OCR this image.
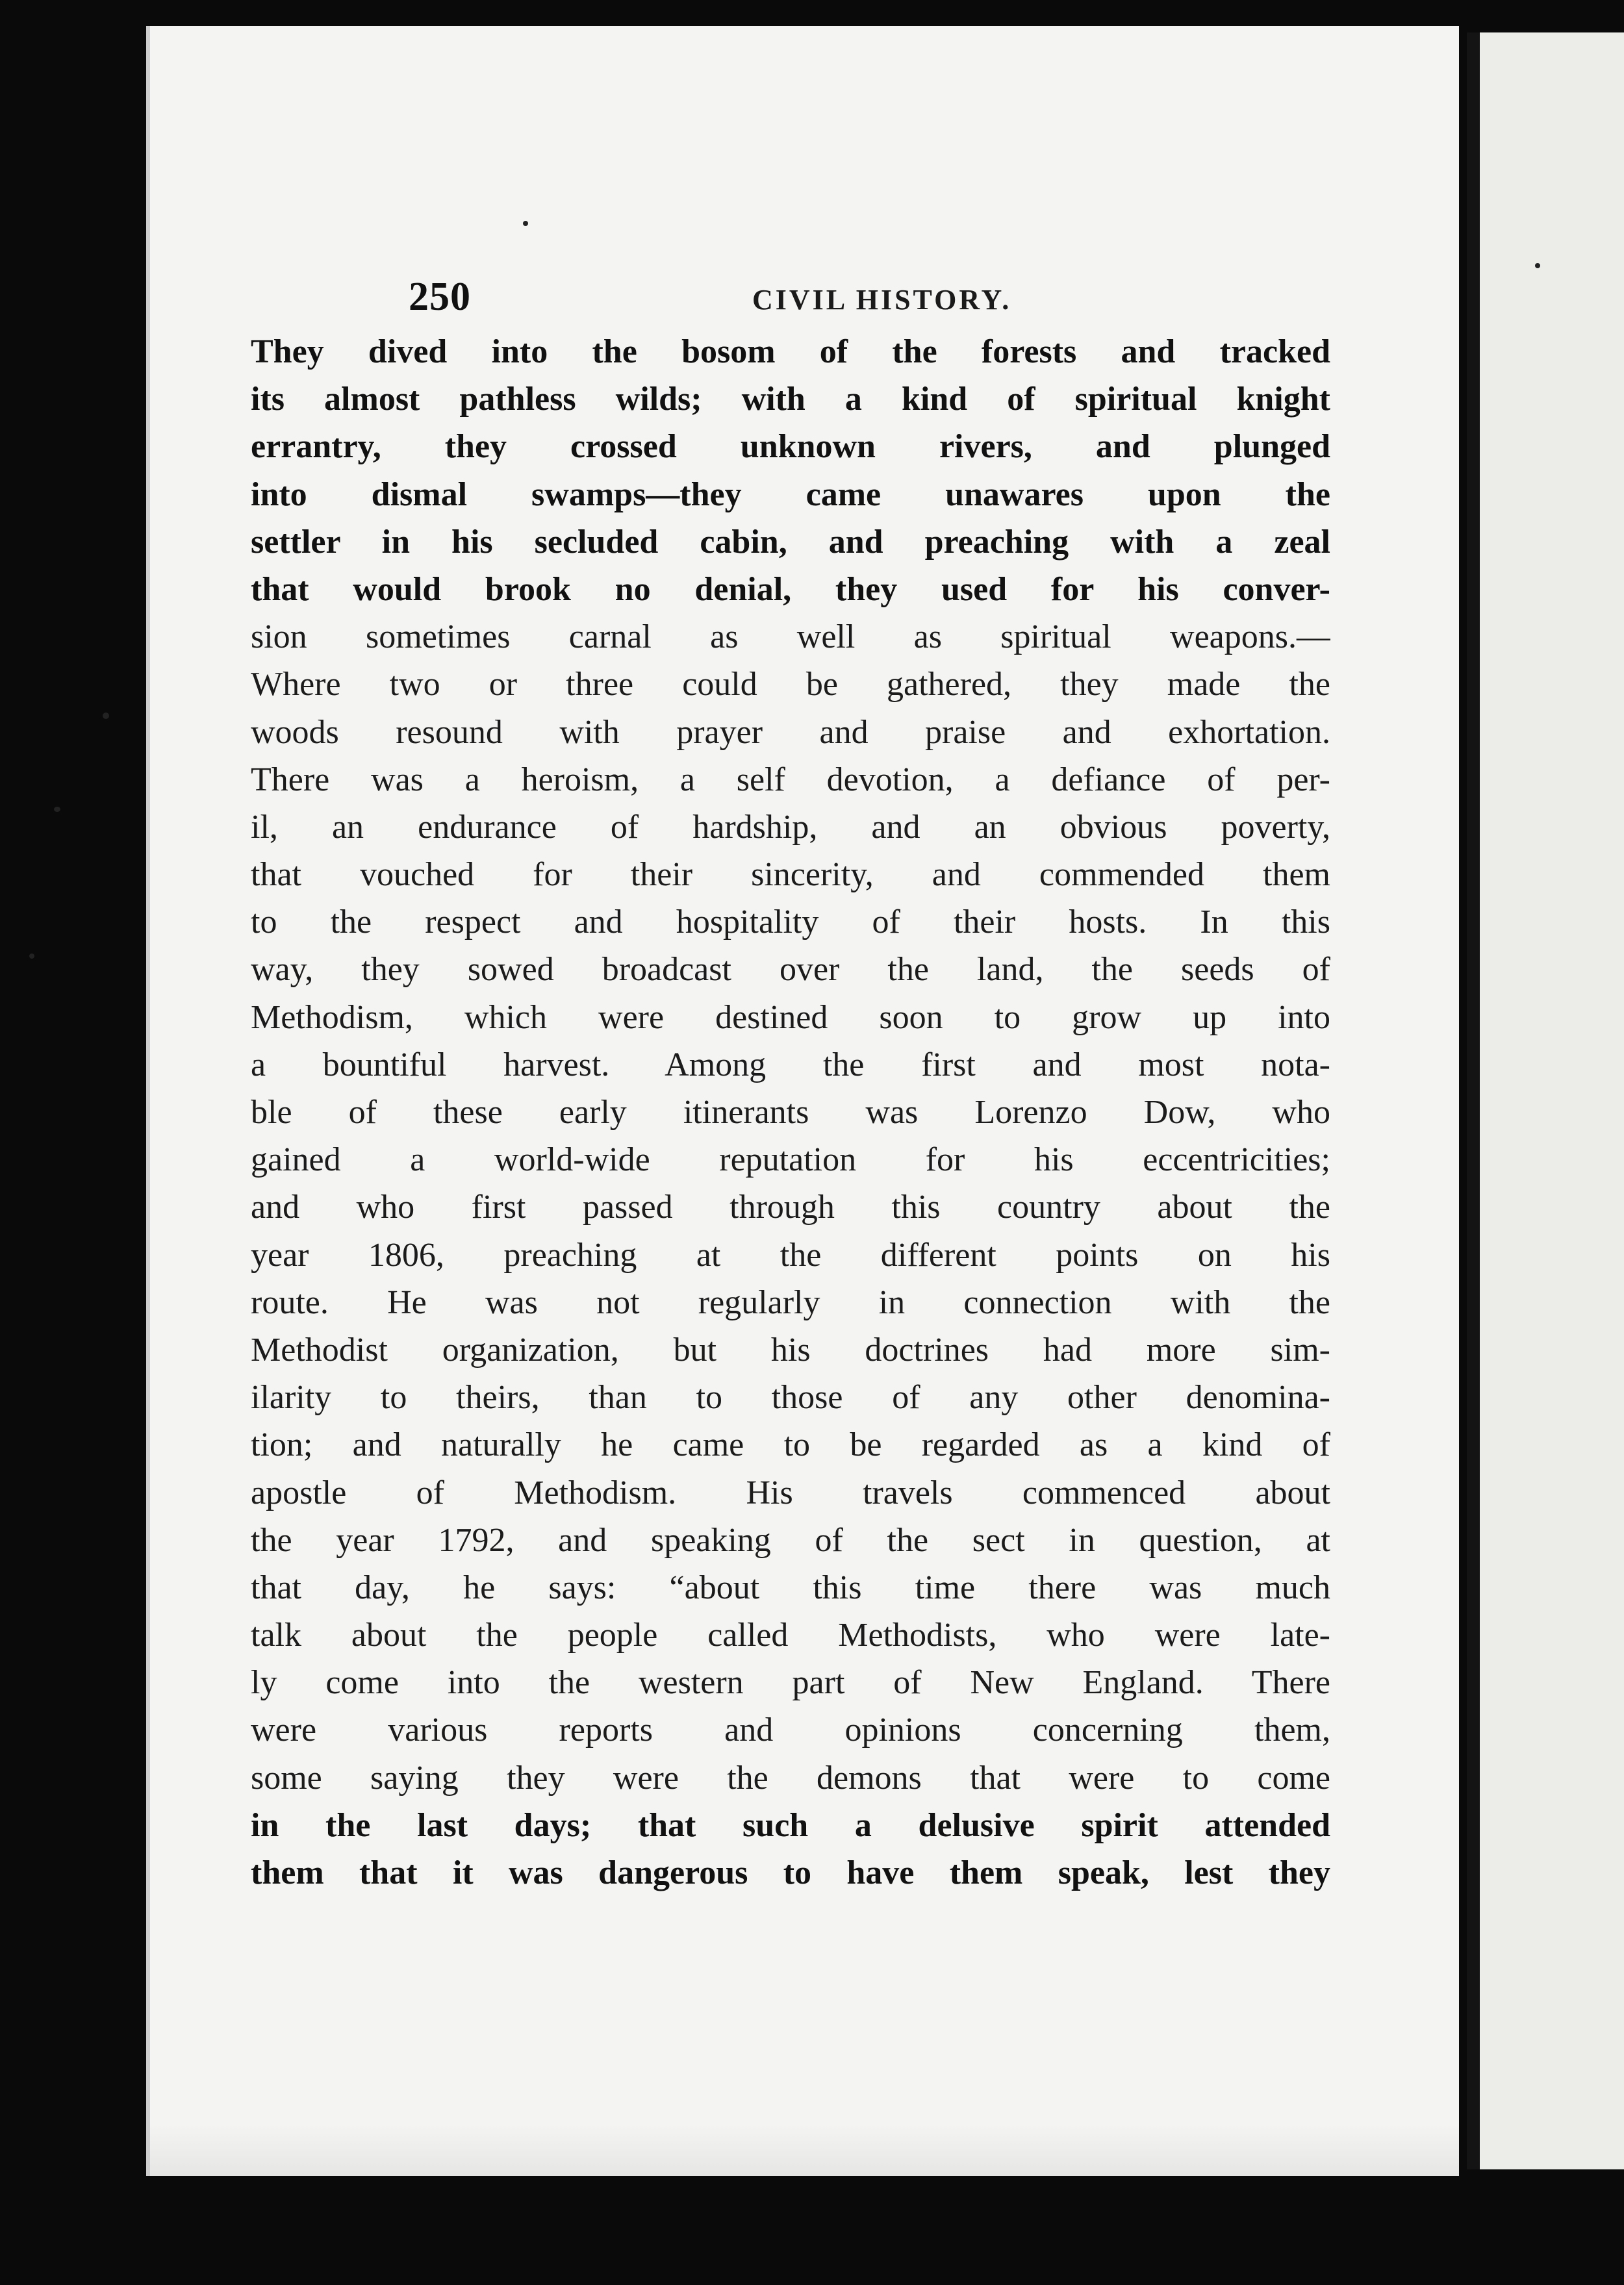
250	CIVIL HISTORY.
They dived into the bosom of the forests and tracked
its almost pathless wilds; with a kind of spiritual knight
errantry, they crossed unknown rivers, and plunged
into dismal swamps—they came unawares upon the
settler in his secluded cabin, and preaching with a zeal
that would brook no denial, they used for his conver-
sion sometimes carnal as well as spiritual weapons.—
Where two or three could be gathered, they made the
woods resound with prayer and praise and exhortation.
There was a heroism, a self devotion, a defiance of per-
il, an endurance of hardship, and an obvious poverty,
that vouched for their sincerity, and commended them
to the respect and hospitality of their hosts. In this
way, they sowed broadcast over the land, the seeds of
Methodism, which were destined soon to grow up into
a bountiful harvest. Among the first and most nota-
ble of these early itinerants was Lorenzo Dow, who
gained a world-wide reputation for his eccentricities;
and who first passed through this country about the
year 1806, preaching at the different points on his
route. He was not regularly in connection with the
Methodist organization, but his doctrines had more sim-
ilarity to theirs, than to those of any other denomina-
tion; and naturally he came to be regarded as a kind of
apostle of Methodism. His travels commenced about
the year 1792, and speaking of the sect in question, at
that day, he says: “about this time there was much
talk about the people called Methodists, who were late-
ly come into the western part of New England. There
were various reports and opinions concerning them,
some saying they were the demons that were to come
in the last days; that such a delusive spirit attended
them that it was dangerous to have them speak, lest they
